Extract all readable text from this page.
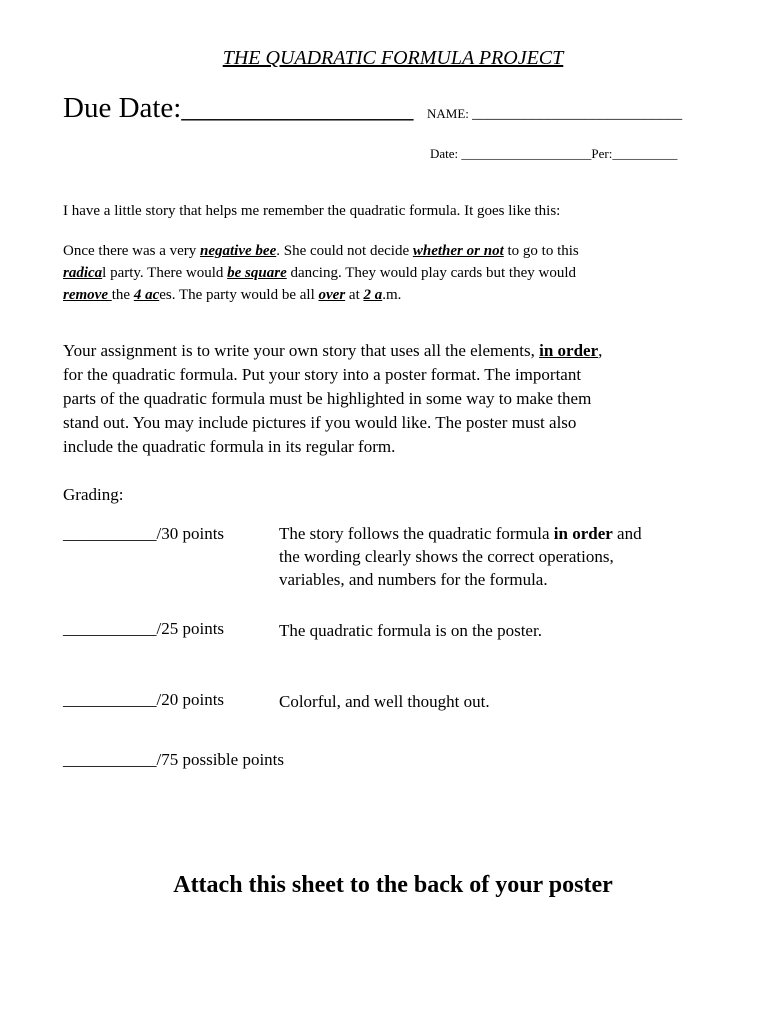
THE QUADRATIC FORMULA PROJECT
Due Date:________________ NAME: ____________________________
Date: ____________________Per:__________
I have a little story that helps me remember the quadratic formula. It goes like this:
Once there was a very negative bee. She could not decide whether or not to go to this
radical party. There would be square dancing. They would play cards but they would
remove the 4 aces. The party would be all over at 2 a.m.
Your assignment is to write your own story that uses all the elements, in order,
for the quadratic formula. Put your story into a poster format. The important
parts of the quadratic formula must be highlighted in some way to make them
stand out. You may include pictures if you would like. The poster must also
include the quadratic formula in its regular form.
Grading:
___________/30 points	The story follows the quadratic formula in order and
the wording clearly shows the correct operations,
variables, and numbers for the formula.
___________/25 points	The quadratic formula is on the poster.
___________/20 points	Colorful, and well thought out.
___________/75 possible points
Attach this sheet to the back of your poster
